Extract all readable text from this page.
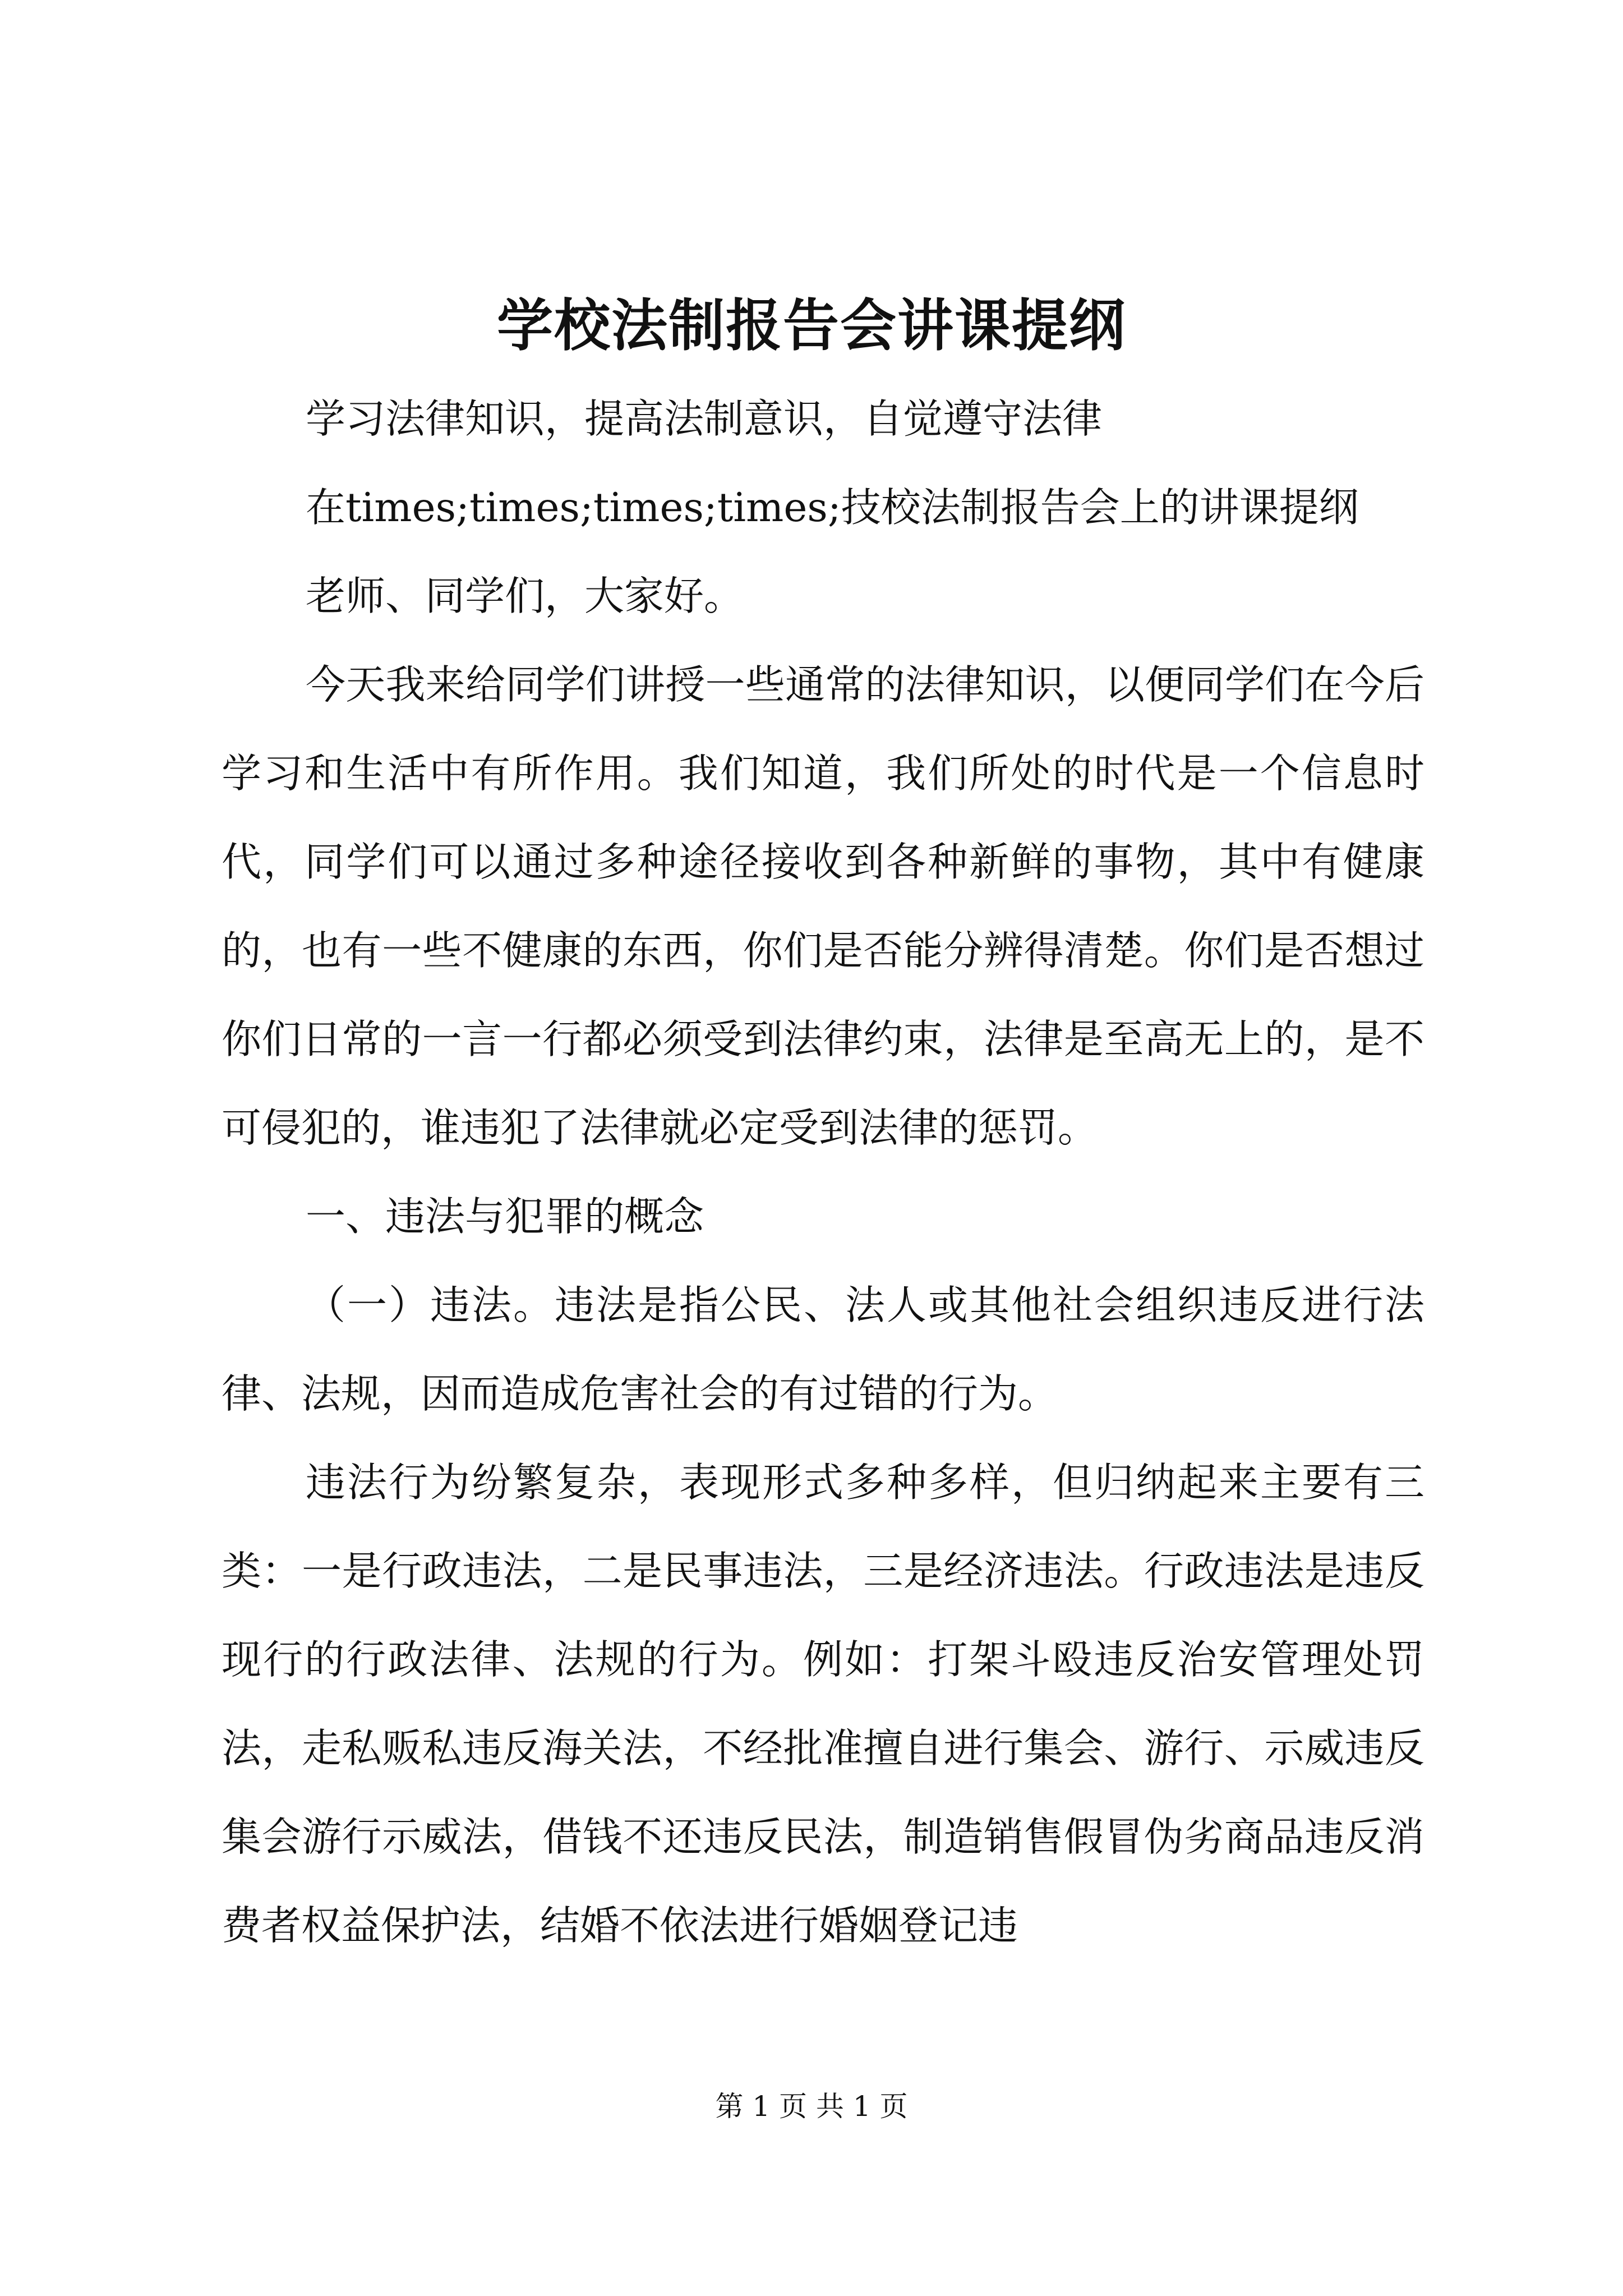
学校法制报告会讲课提纲

学习法律知识，提高法制意识，自觉遵守法律

在times;times;times;times;技校法制报告会上的讲课提纲

老师、同学们，大家好。

今天我来给同学们讲授一些通常的法律知识，以便同学们在今后学习和生活中有所作用。我们知道，我们所处的时代是一个信息时代，同学们可以通过多种途径接收到各种新鲜的事物，其中有健康的，也有一些不健康的东西，你们是否能分辨得清楚。你们是否想过你们日常的一言一行都必须受到法律约束，法律是至高无上的，是不可侵犯的，谁违犯了法律就必定受到法律的惩罚。

一、违法与犯罪的概念

（一）违法。违法是指公民、法人或其他社会组织违反进行法律、法规，因而造成危害社会的有过错的行为。

违法行为纷繁复杂，表现形式多种多样，但归纳起来主要有三类：一是行政违法，二是民事违法，三是经济违法。行政违法是违反现行的行政法律、法规的行为。例如：打架斗殴违反治安管理处罚法，走私贩私违反海关法，不经批准擅自进行集会、游行、示威违反集会游行示威法，借钱不还违反民法，制造销售假冒伪劣商品违反消费者权益保护法，结婚不依法进行婚姻登记违

第 1 页 共 1 页
